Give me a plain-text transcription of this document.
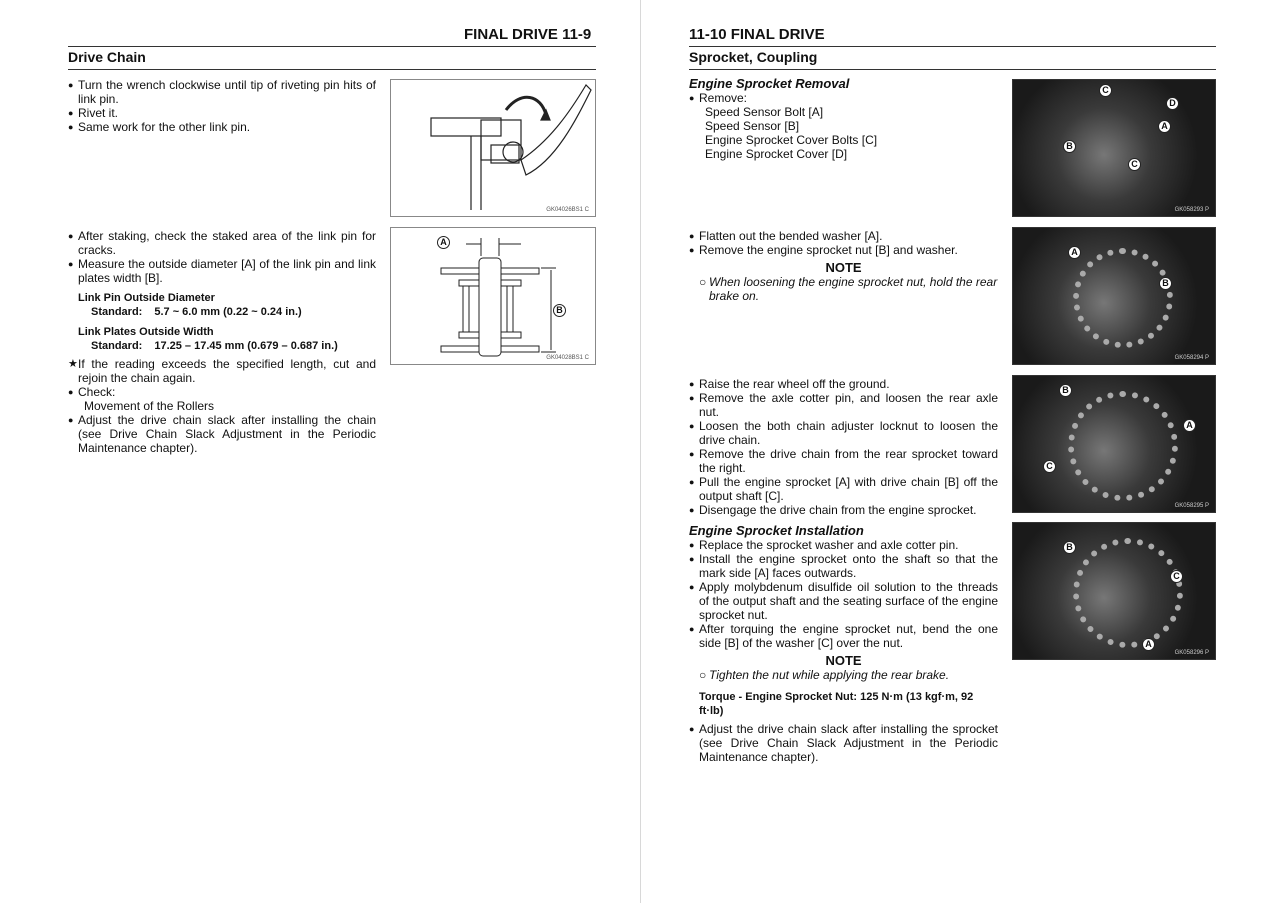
FINAL DRIVE 11-9
Drive Chain
● Turn the wrench clockwise until tip of riveting pin hits of link pin.
● Rivet it.
● Same work for the other link pin.
GK04026BS1 C
● After staking, check the staked area of the link pin for cracks.
● Measure the outside diameter [A] of the link pin and link plates width [B].
Link Pin Outside Diameter
Standard: 5.7 ~ 6.0 mm (0.22 ~ 0.24 in.)
Link Plates Outside Width
Standard: 17.25 – 17.45 mm (0.679 – 0.687 in.)
★ If the reading exceeds the specified length, cut and rejoin the chain again.
● Check:
Movement of the Rollers
● Adjust the drive chain slack after installing the chain (see Drive Chain Slack Adjustment in the Periodic Maintenance chapter).
A
B
GK04028BS1 C
11-10 FINAL DRIVE
Sprocket, Coupling
Engine Sprocket Removal
● Remove:
Speed Sensor Bolt [A]
Speed Sensor [B]
Engine Sprocket Cover Bolts [C]
Engine Sprocket Cover [D]
● Flatten out the bended washer [A].
● Remove the engine sprocket nut [B] and washer.
NOTE
○ When loosening the engine sprocket nut, hold the rear brake on.
● Raise the rear wheel off the ground.
● Remove the axle cotter pin, and loosen the rear axle nut.
● Loosen the both chain adjuster locknut to loosen the drive chain.
● Remove the drive chain from the rear sprocket toward the right.
● Pull the engine sprocket [A] with drive chain [B] off the output shaft [C].
● Disengage the drive chain from the engine sprocket.
Engine Sprocket Installation
● Replace the sprocket washer and axle cotter pin.
● Install the engine sprocket onto the shaft so that the mark side [A] faces outwards.
● Apply molybdenum disulfide oil solution to the threads of the output shaft and the seating surface of the engine sprocket nut.
● After torquing the engine sprocket nut, bend the one side [B] of the washer [C] over the nut.
NOTE
○ Tighten the nut while applying the rear brake.
Torque - Engine Sprocket Nut: 125 N·m (13 kgf·m, 92 ft·lb)
● Adjust the drive chain slack after installing the sprocket (see Drive Chain Slack Adjustment in the Periodic Maintenance chapter).
C
D
A
B
C
GK058293 P
A
B
GK058294 P
B
A
C
GK058295 P
B
C
A
GK058296 P
